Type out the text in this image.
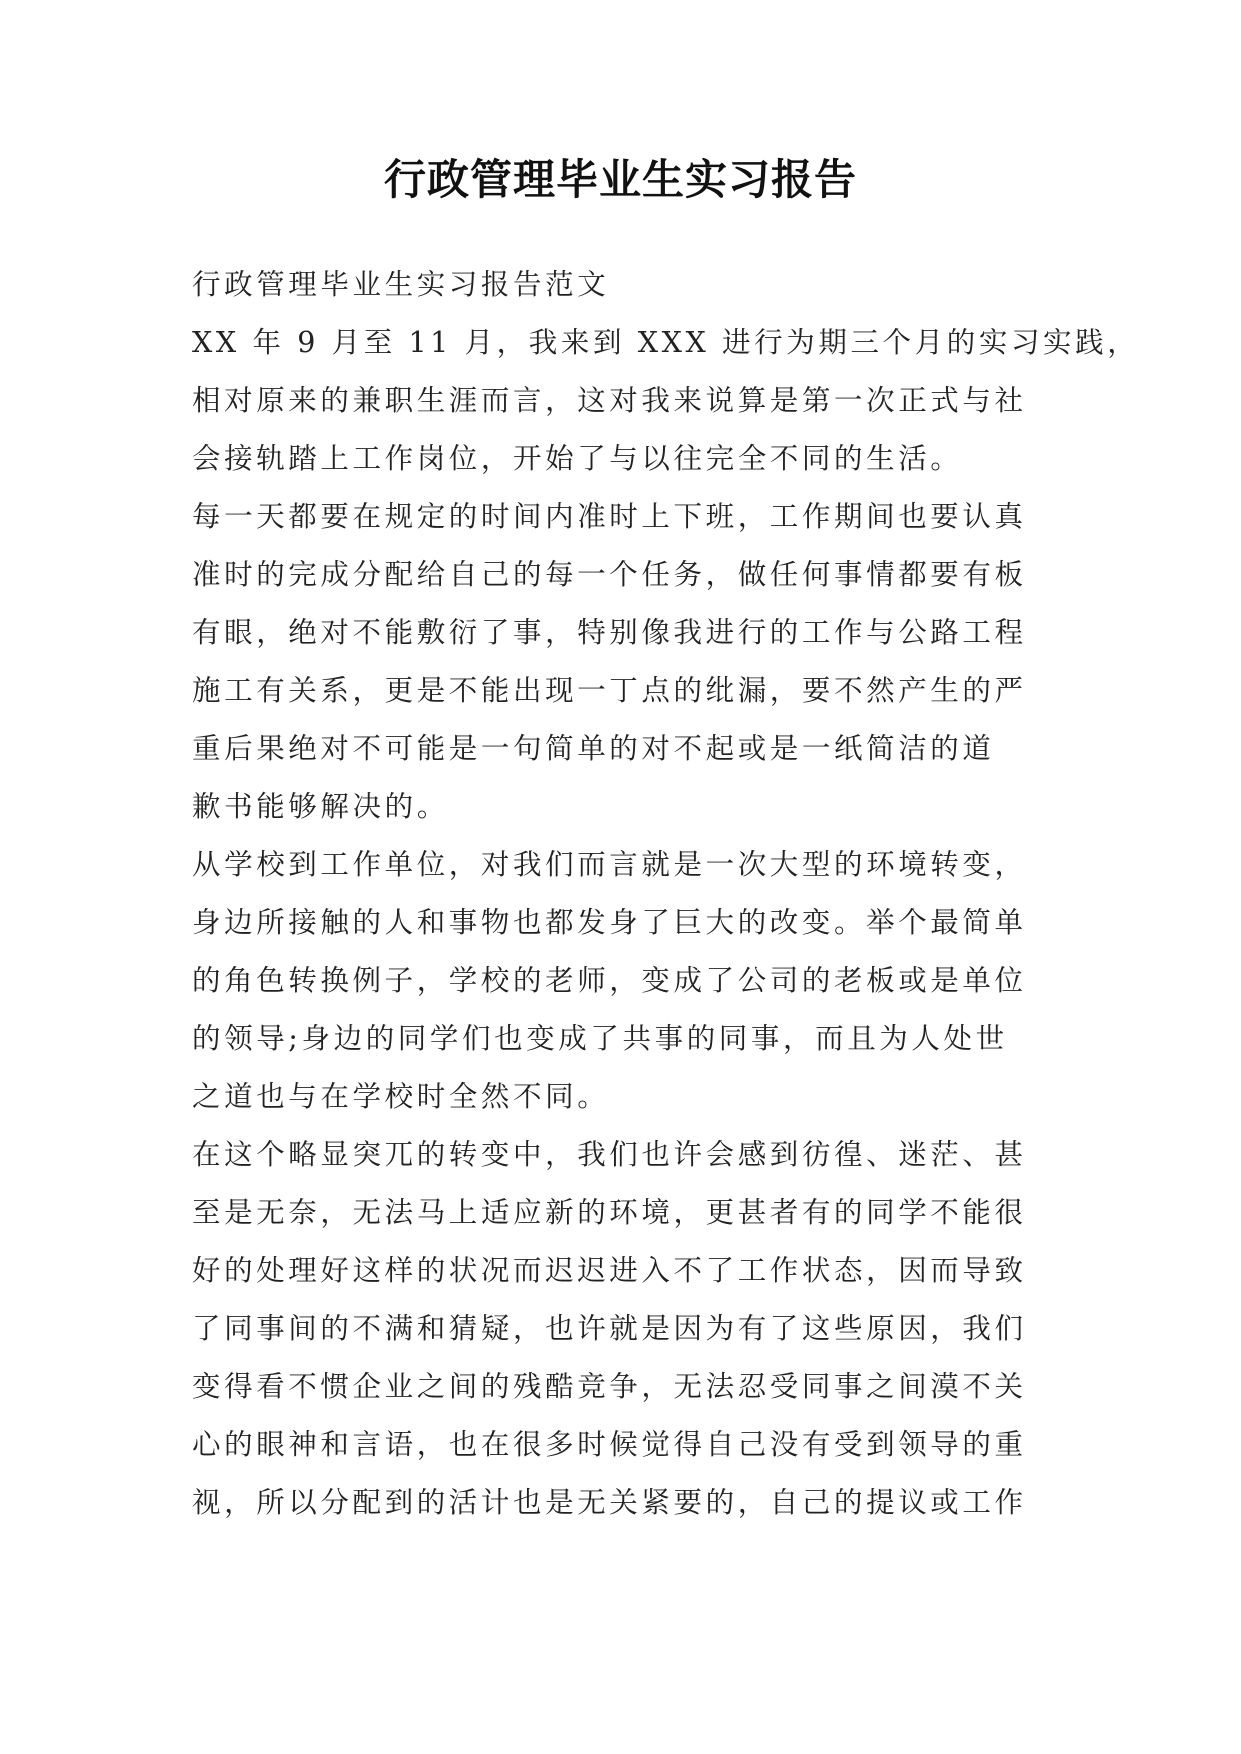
行政管理毕业生实习报告
行政管理毕业生实习报告范文
XX 年 9 月至 11 月，我来到 XXX 进行为期三个月的实习实践，
相对原来的兼职生涯而言，这对我来说算是第一次正式与社
会接轨踏上工作岗位，开始了与以往完全不同的生活。
每一天都要在规定的时间内准时上下班，工作期间也要认真
准时的完成分配给自己的每一个任务，做任何事情都要有板
有眼，绝对不能敷衍了事，特别像我进行的工作与公路工程
施工有关系，更是不能出现一丁点的纰漏，要不然产生的严
重后果绝对不可能是一句简单的对不起或是一纸简洁的道
歉书能够解决的。
从学校到工作单位，对我们而言就是一次大型的环境转变，
身边所接触的人和事物也都发身了巨大的改变。举个最简单
的角色转换例子，学校的老师，变成了公司的老板或是单位
的领导;身边的同学们也变成了共事的同事，而且为人处世
之道也与在学校时全然不同。
在这个略显突兀的转变中，我们也许会感到彷徨、迷茫、甚
至是无奈，无法马上适应新的环境，更甚者有的同学不能很
好的处理好这样的状况而迟迟进入不了工作状态，因而导致
了同事间的不满和猜疑，也许就是因为有了这些原因，我们
变得看不惯企业之间的残酷竞争，无法忍受同事之间漠不关
心的眼神和言语，也在很多时候觉得自己没有受到领导的重
视，所以分配到的活计也是无关紧要的，自己的提议或工作
